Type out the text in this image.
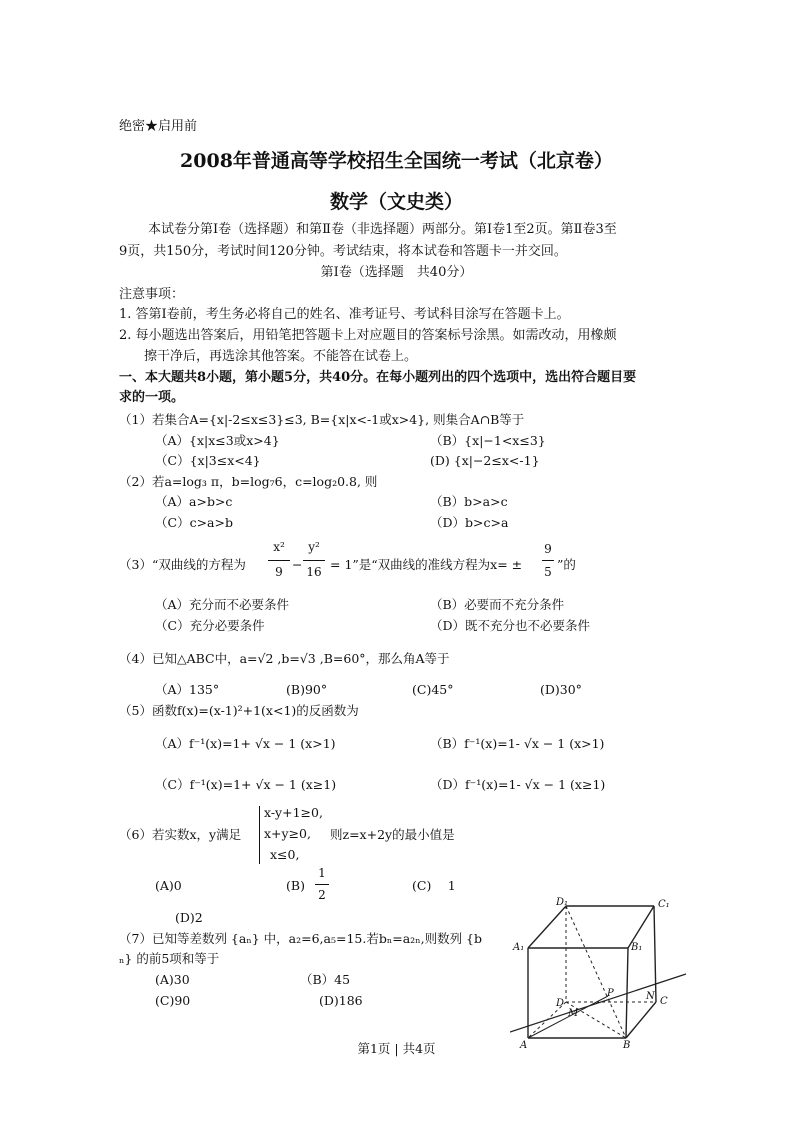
绝密★启用前
2008年普通高等学校招生全国统一考试（北京卷）
数学（文史类）
本试卷分第Ⅰ卷（选择题）和第Ⅱ卷（非选择题）两部分。第Ⅰ卷1至2页。第Ⅱ卷3至
9页，共150分，考试时间120分钟。考试结束，将本试卷和答题卡一并交回。
第Ⅰ卷（选择题　共40分）
注意事项：
1. 答第Ⅰ卷前，考生务必将自己的姓名、准考证号、考试科目涂写在答题卡上。
2. 每小题选出答案后，用铅笔把答题卡上对应题目的答案标号涂黑。如需改动，用橡颇
擦干净后，再选涂其他答案。不能答在试卷上。
一、本大题共8小题，第小题5分，共40分。在每小题列出的四个选项中，选出符合题目要
求的一项。
（1）若集合A={x|-2≤x≤3}≤3, B={x|x<-1或x>4}, 则集合A∩B等于
（A）{x|x≤3或x>4}	（B）{x|−1<x≤3}
（C）{x|3≤x<4}	(D) {x|−2≤x<-1}
（2）若a=log₃ π，b=log₇6，c=log₂0.8, 则
（A）a>b>c	（B）b>a>c
（C）c>a>b	（D）b>c>a
（3）“双曲线的方程为
x²
9 −
y²
16 = 1”是“双曲线的准线方程为x= ±
9
5 ”的
（A）充分而不必要条件	（B）必要而不充分条件
（C）充分必要条件	（D）既不充分也不必要条件
（4）已知△ABC中，a=√2 ,b=√3 ,B=60°，那么角A等于
（A）135°	(B)90°	(C)45°	(D)30°
（5）函数f(x)=(x-1)²+1(x<1)的反函数为
（A）f⁻¹(x)=1+ √x − 1 (x>1)	（B）f⁻¹(x)=1- √x − 1 (x>1)
（C）f⁻¹(x)=1+ √x − 1 (x≥1)	（D）f⁻¹(x)=1- √x − 1 (x≥1)
（6）若实数x，y满足
x-y+1≥0,
x+y≥0,
x≤0,
则z=x+2y的最小值是
(A)0	(B)
1
2
(C)　 1
(D)2
（7）已知等差数列 {aₙ} 中，a₂=6,a₅=15.若bₙ=a₂ₙ,则数列 {b
ₙ} 的前5项和等于
(A)30	（B）45
(C)90	(D)186
D₁	C₁
A₁	B₁
D
P	N C
M
A	B
第1页 | 共4页
